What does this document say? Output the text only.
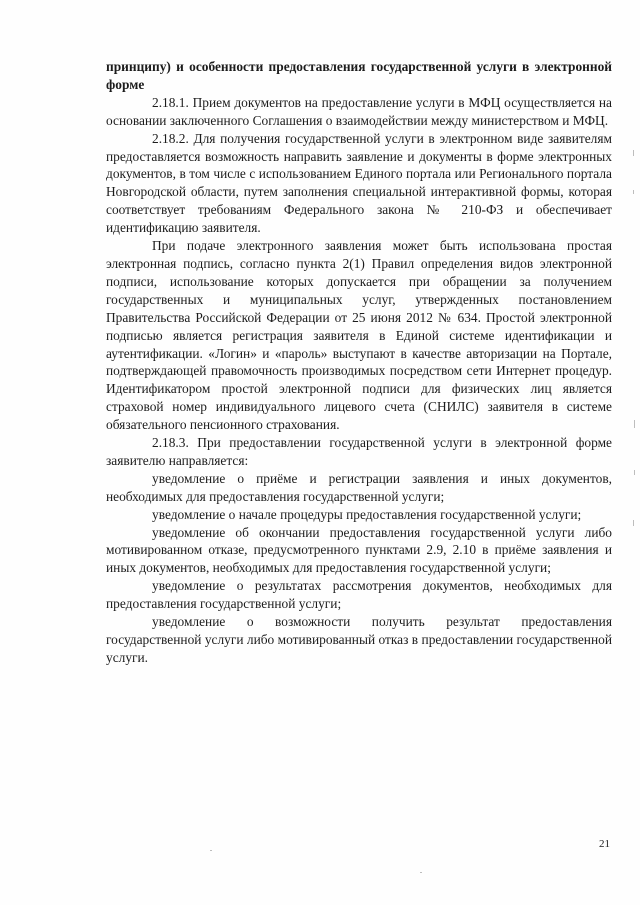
принципу) и особенности предоставления государственной услуги в электронной форме

2.18.1. Прием документов на предоставление услуги в МФЦ осуществляется на основании заключенного Соглашения о взаимодействии между министерством и МФЦ.

2.18.2. Для получения государственной услуги в электронном виде заявителям предоставляется возможность направить заявление и документы в форме электронных документов, в том числе с использованием Единого портала или Регионального портала Новгородской области, путем заполнения специальной интерактивной формы, которая соответствует требованиям Федерального закона № 210-ФЗ и обеспечивает идентификацию заявителя.

При подаче электронного заявления может быть использована простая электронная подпись, согласно пункта 2(1) Правил определения видов электронной подписи, использование которых допускается при обращении за получением государственных и муниципальных услуг, утвержденных постановлением Правительства Российской Федерации от 25 июня 2012 № 634. Простой электронной подписью является регистрация заявителя в Единой системе идентификации и аутентификации. «Логин» и «пароль» выступают в качестве авторизации на Портале, подтверждающей правомочность производимых посредством сети Интернет процедур. Идентификатором простой электронной подписи для физических лиц является страховой номер индивидуального лицевого счета (СНИЛС) заявителя в системе обязательного пенсионного страхования.

2.18.3. При предоставлении государственной услуги в электронной форме заявителю направляется:

уведомление о приёме и регистрации заявления и иных документов, необходимых для предоставления государственной услуги;

уведомление о начале процедуры предоставления государственной услуги;

уведомление об окончании предоставления государственной услуги либо мотивированном отказе, предусмотренного пунктами 2.9, 2.10 в приёме заявления и иных документов, необходимых для предоставления государственной услуги;

уведомление о результатах рассмотрения документов, необходимых для предоставления государственной услуги;

уведомление о возможности получить результат предоставления государственной услуги либо мотивированный отказ в предоставлении государственной услуги.

21
